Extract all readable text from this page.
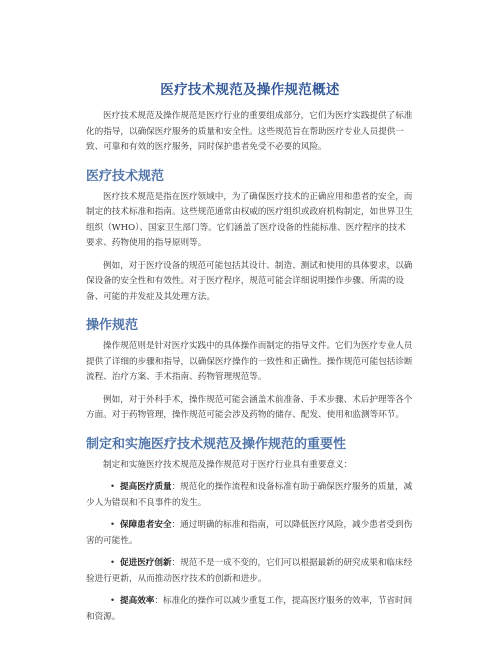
医疗技术规范及操作规范概述

医疗技术规范及操作规范是医疗行业的重要组成部分，它们为医疗实践提供了标准化的指导，以确保医疗服务的质量和安全性。这些规范旨在帮助医疗专业人员提供一致、可靠和有效的医疗服务，同时保护患者免受不必要的风险。

医疗技术规范

医疗技术规范是指在医疗领域中，为了确保医疗技术的正确应用和患者的安全，而制定的技术标准和指南。这些规范通常由权威的医疗组织或政府机构制定，如世界卫生组织（WHO）、国家卫生部门等。它们涵盖了医疗设备的性能标准、医疗程序的技术要求、药物使用的指导原则等。

例如，对于医疗设备的规范可能包括其设计、制造、测试和使用的具体要求，以确保设备的安全性和有效性。对于医疗程序，规范可能会详细说明操作步骤、所需的设备、可能的并发症及其处理方法。

操作规范

操作规范则是针对医疗实践中的具体操作而制定的指导文件。它们为医疗专业人员提供了详细的步骤和指导，以确保医疗操作的一致性和正确性。操作规范可能包括诊断流程、治疗方案、手术指南、药物管理规范等。

例如，对于外科手术，操作规范可能会涵盖术前准备、手术步骤、术后护理等各个方面。对于药物管理，操作规范可能会涉及药物的储存、配发、使用和监测等环节。

制定和实施医疗技术规范及操作规范的重要性

制定和实施医疗技术规范及操作规范对于医疗行业具有重要意义：

• 提高医疗质量：规范化的操作流程和设备标准有助于确保医疗服务的质量，减少人为错误和不良事件的发生。
• 保障患者安全：通过明确的标准和指南，可以降低医疗风险，减少患者受到伤害的可能性。
• 促进医疗创新：规范不是一成不变的，它们可以根据最新的研究成果和临床经验进行更新，从而推动医疗技术的创新和进步。
• 提高效率：标准化的操作可以减少重复工作，提高医疗服务的效率，节省时间和资源。
